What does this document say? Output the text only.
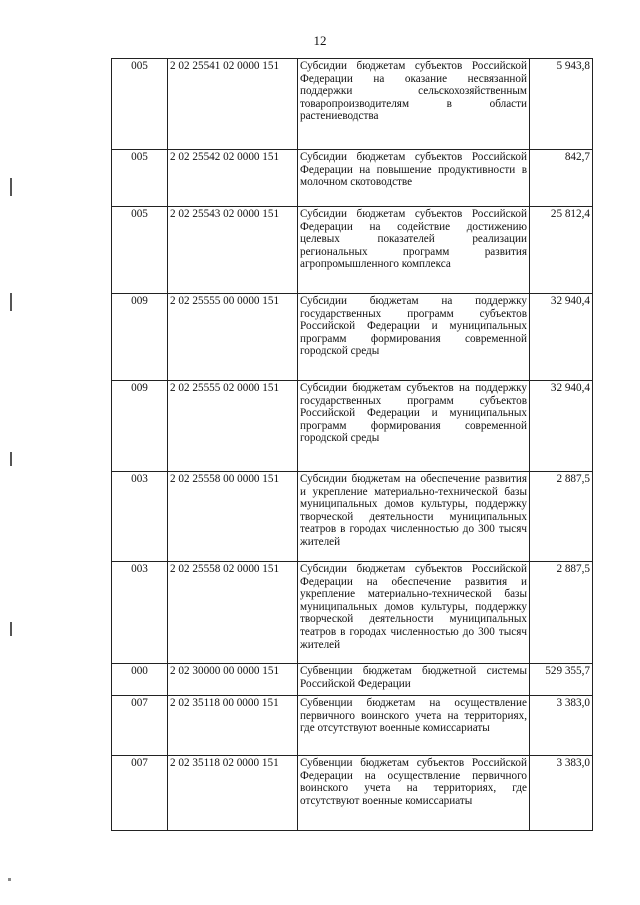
12
005	2 02 25541 02 0000 151	Субсидии бюджетам субъектов Российской Федерации на оказание несвязанной поддержки сельскохозяйственным товаропроизводителям в области растениеводства	5 943,8
005	2 02 25542 02 0000 151	Субсидии бюджетам субъектов Российской Федерации на повышение продуктивности в молочном скотоводстве	842,7
005	2 02 25543 02 0000 151	Субсидии бюджетам субъектов Российской Федерации на содействие достижению целевых показателей реализации региональных программ развития агропромышленного комплекса	25 812,4
009	2 02 25555 00 0000 151	Субсидии бюджетам на поддержку государственных программ субъектов Российской Федерации и муниципальных программ формирования современной городской среды	32 940,4
009	2 02 25555 02 0000 151	Субсидии бюджетам субъектов на поддержку государственных программ субъектов Российской Федерации и муниципальных программ формирования современной городской среды	32 940,4
003	2 02 25558 00 0000 151	Субсидии бюджетам на обеспечение развития и укрепление материально-технической базы муниципальных домов культуры, поддержку творческой деятельности муниципальных театров в городах численностью до 300 тысяч жителей	2 887,5
003	2 02 25558 02 0000 151	Субсидии бюджетам субъектов Российской Федерации на обеспечение развития и укрепление материально-технической базы муниципальных домов культуры, поддержку творческой деятельности муниципальных театров в городах численностью до 300 тысяч жителей	2 887,5
000	2 02 30000 00 0000 151	Субвенции бюджетам бюджетной системы Российской Федерации	529 355,7
007	2 02 35118 00 0000 151	Субвенции бюджетам на осуществление первичного воинского учета на территориях, где отсутствуют военные комиссариаты	3 383,0
007	2 02 35118 02 0000 151	Субвенции бюджетам субъектов Российской Федерации на осуществление первичного воинского учета на территориях, где отсутствуют военные комиссариаты	3 383,0
